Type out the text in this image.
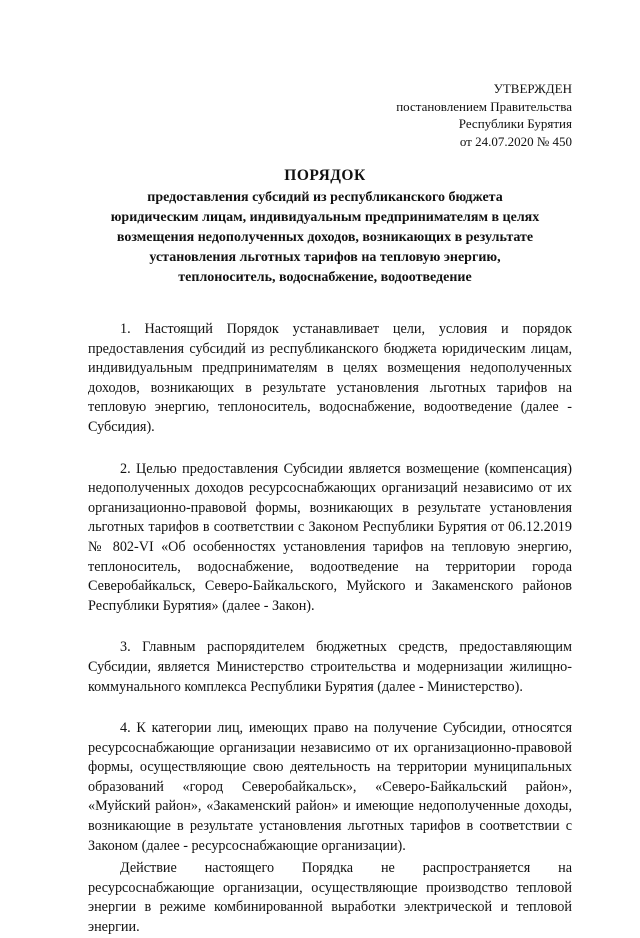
УТВЕРЖДЕН
постановлением Правительства
Республики Бурятия
от 24.07.2020 № 450
ПОРЯДОК
предоставления субсидий из республиканского бюджета
юридическим лицам, индивидуальным предпринимателям в целях
возмещения недополученных доходов, возникающих в результате
установления льготных тарифов на тепловую энергию,
теплоноситель, водоснабжение, водоотведение

1. Настоящий Порядок устанавливает цели, условия и порядок предоставления субсидий из республиканского бюджета юридическим лицам, индивидуальным предпринимателям в целях возмещения недополученных доходов, возникающих в результате установления льготных тарифов на тепловую энергию, теплоноситель, водоснабжение, водоотведение (далее - Субсидия).

2. Целью предоставления Субсидии является возмещение (компенсация) недополученных доходов ресурсоснабжающих организаций независимо от их организационно-правовой формы, возникающих в результате установления льготных тарифов в соответствии с Законом Республики Бурятия от 06.12.2019 № 802-VI «Об особенностях установления тарифов на тепловую энергию, теплоноситель, водоснабжение, водоотведение на территории города Северобайкальск, Северо-Байкальского, Муйского и Закаменского районов Республики Бурятия» (далее - Закон).

3. Главным распорядителем бюджетных средств, предоставляющим Субсидии, является Министерство строительства и модернизации жилищно-коммунального комплекса Республики Бурятия (далее - Министерство).

4. К категории лиц, имеющих право на получение Субсидии, относятся ресурсоснабжающие организации независимо от их организационно-правовой формы, осуществляющие свою деятельность на территории муниципальных образований «город Северобайкальск», «Северо-Байкальский район», «Муйский район», «Закаменский район» и имеющие недополученные доходы, возникающие в результате установления льготных тарифов в соответствии с Законом (далее - ресурсоснабжающие организации).

Действие настоящего Порядка не распространяется на ресурсоснабжающие организации, осуществляющие производство тепловой энергии в режиме комбинированной выработки электрической и тепловой энергии.
